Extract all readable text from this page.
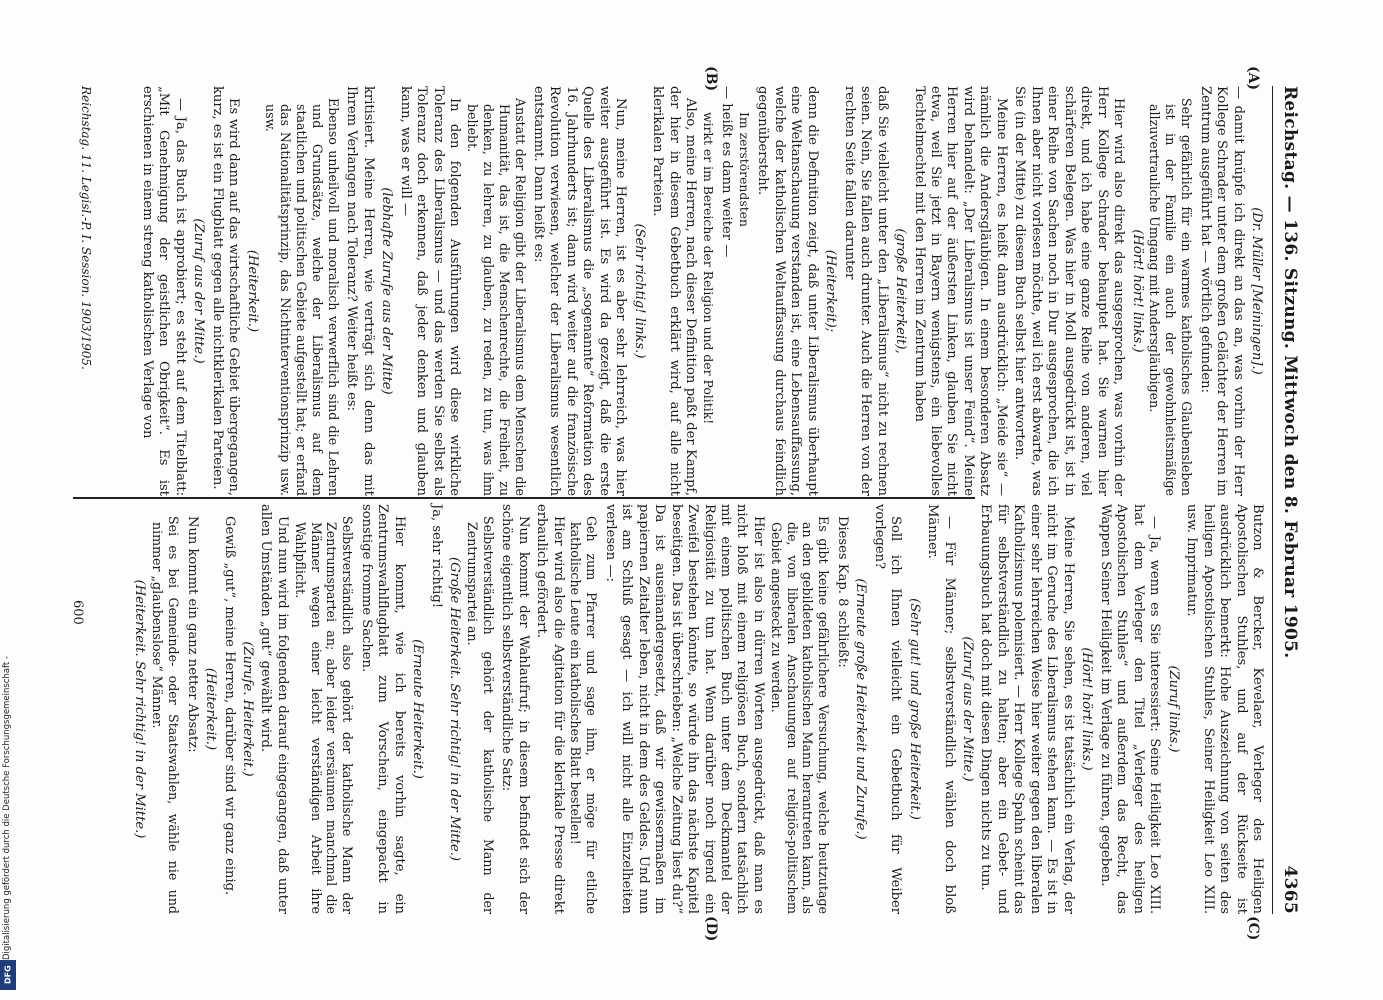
Reichstag. — 136. Sitzung. Mittwoch den 8. Februar 1905.
4365
(A)
(B)
(C)
(D)

(Dr. Müller [Meiningen].)

— damit knüpfe ich direkt an das an, was vorhin der Herr Kollege Schrader unter dem großen Gelächter der Herren im Zentrum ausgeführt hat — wörtlich gefunden:

Sehr gefährlich für ein warmes katholisches Glaubensleben ist in der Familie ein auch der gewohnheitsmäßige allzuvertrauliche Umgang mit Andersgläubigen.

(Hört! hört! links.)

Hier wird also direkt das ausgesprochen, was vorhin der Herr Kollege Schrader behauptet hat. Sie warnen hier direkt, und ich habe eine ganze Reihe von anderen, viel schärferen Belegen. Was hier in Moll ausgedrückt ist, ist in einer Reihe von Sachen noch in Dur ausgesprochen, die ich Ihnen aber nicht vorlesen möchte, weil ich erst abwarte, was Sie (in der Mitte) zu diesem Buch selbst hier antworten.

Meine Herren, es heißt dann ausdrücklich: „Meide sie“ — nämlich die Andersgläubigen. In einem besonderen Absatz wird behandelt: „Der Liberalismus ist unser Feind“. Meine Herren hier auf der äußersten Linken, glauben Sie nicht etwa, weil Sie jetzt in Bayern wenigstens, ein liebevolles Techtelmechtel mit den Herren im Zentrum haben

(große Heiterkeit),

daß Sie vielleicht unter den „Liberalismus“ nicht zu rechnen seien. Nein, Sie fallen auch drunter. Auch die Herren von der rechten Seite fallen darunter

(Heiterkeit);

denn die Definition zeigt, daß unter Liberalismus überhaupt eine Weltanschauung verstanden ist, eine Lebensauffassung, welche der katholischen Weltauffassung durchaus feindlich gegenübersteht.

Im zerstörendsten

— heißt es dann weiter —

wirkt er im Bereiche der Religion und der Politik!

Also, meine Herren, nach dieser Definition paßt der Kampf, der hier in diesem Gebetbuch erklärt wird, auf alle nicht klerikalen Parteien.

(Sehr richtig! links.)

Nun, meine Herren, ist es aber sehr lehrreich, was hier weiter ausgeführt ist. Es wird da gezeigt, daß die erste Quelle des Liberalismus die „sogenannte“ Reformation des 16. Jahrhunderts ist; dann wird weiter auf die französische Revolution verwiesen, welcher der Liberalismus wesentlich entstammt. Dann heißt es:

Anstatt der Religion gibt der Liberalismus dem Menschen die Humanität, das ist, die Menschenrechte, die Freiheit, zu denken, zu lehren, zu glauben, zu reden, zu tun, was ihm beliebt.

In den folgenden Ausführungen wird diese wirkliche Toleranz des Liberalismus — und das werden Sie selbst als Toleranz doch erkennen, daß jeder denken und glauben kann, was er will —

(lebhafte Zurufe aus der Mitte)

kritisiert. Meine Herren, wie verträgt sich denn das mit Ihrem Verlangen nach Toleranz? Weiter heißt es:

Ebenso unheilvoll und moralisch verwerflich sind die Lehren und Grundsätze, welche der Liberalismus auf dem staatlichen und politischen Gebiete aufgestellt hat; er erfand das Nationalitätsprinzip, das Nichtinterventionsprinzip usw. usw.

(Heiterkeit.)

Es wird dann auf das wirtschaftliche Gebiet übergegangen, kurz, es ist ein Flugblatt gegen alle nichtklerikalen Parteien.

(Zuruf aus der Mitte.)

— Ja, das Buch ist approbiert; es steht auf dem Titelblatt: „Mit Genehmigung der geistlichen Obrigkeit“. Es ist erschienen in einem streng katholischen Verlage von

Butzon & Bercker, Kevelaer, Verleger des Heiligen Apostolischen Stuhles, und auf der Rückseite ist ausdrücklich bemerkt: Hohe Auszeichnung von seiten des heiligen Apostolischen Stuhles, Seiner Heiligkeit Leo XIII. usw. Imprimatur.

(Zuruf links.)

— Ja, wenn es Sie interessiert: Seine Heiligkeit Leo XIII. hat dem Verleger den Titel „Verleger des heiligen Apostolischen Stuhles“ und außerdem das Recht, das Wappen Seiner Heiligkeit im Verlage zu führen, gegeben.

(Hört! hört! links.)

Meine Herren, Sie sehen, es ist tatsächlich ein Verlag, der nicht im Geruche des Liberalismus stehen kann. — Es ist in einer sehr lehrreichen Weise hier weiter gegen den liberalen Katholizismus polemisiert. — Herr Kollege Spahn scheint das für selbstverständlich zu halten; aber ein Gebet- und Erbauungsbuch hat doch mit diesen Dingen nichts zu tun.

(Zuruf aus der Mitte.)

— Für Männer; selbstverständlich wählen doch bloß Männer.

(Sehr gut! und große Heiterkeit.)

Soll ich Ihnen vielleicht ein Gebetbuch für Weiber vorlegen?

(Erneute große Heiterkeit und Zurufe.)

Dieses Kap. 8 schließt:

Es gibt keine gefährlichere Versuchung, welche heutzutage an den gebildeten katholischen Mann herantreten kann, als die, von liberalen Anschauungen auf religiös-politischem Gebiet angesteckt zu werden.

Hier ist also in dürren Worten ausgedrückt, daß man es nicht bloß mit einem religiösen Buch, sondern tatsächlich mit einem politischen Buch unter dem Deckmantel der Religiosität zu tun hat. Wenn darüber noch irgend ein Zweifel bestehen könnte, so würde ihn das nächste Kapitel beseitigen. Das ist überschrieben: „Welche Zeitung liest du?“ Da ist auseinandergesetzt, daß wir gewissermaßen im papiernen Zeitalter leben, nicht in dem des Geldes. Und nun ist am Schluß gesagt — ich will nicht alle Einzelheiten verlesen —:

Geh zum Pfarrer und sage ihm, er möge für etliche katholische Leute ein katholisches Blatt bestellen!

Hier wird also die Agitation für die klerikale Presse direkt erbaulich gefördert.

Nun kommt der Wahlaufruf; in diesem befindet sich der schöne eigentlich selbstverständliche Satz:

Selbstverständlich gehört der katholische Mann der Zentrumspartei an.

(Große Heiterkeit. Sehr richtig! in der Mitte.)

Ja, sehr richtig!

(Erneute Heiterkeit.)

Hier kommt, wie ich bereits vorhin sagte, ein Zentrumswahlflugblatt zum Vorschein, eingepackt in sonstige fromme Sachen.

Selbstverständlich also gehört der katholische Mann der Zentrumspartei an; aber leider versäumen manchmal die Männer wegen einer leicht verständigen Arbeit ihre Wahlpflicht.

Und nun wird im folgenden darauf eingegangen, daß unter allen Umständen „gut“ gewählt wird.

(Zurufe. Heiterkeit.)

Gewiß „gut“, meine Herren, darüber sind wir ganz einig.

(Heiterkeit.)

Nun kommt ein ganz netter Absatz:

Sei es bei Gemeinde- oder Staatswahlen, wähle nie und nimmer „glaubenslose“ Männer.

(Heiterkeit. Sehr richtig! in der Mitte.)

Reichstag. 11. Legisl.-P. I. Session. 1903/1905.
600
Digitalisierung gefördert durch die Deutsche Forschungsgemeinschaft -
DFG
